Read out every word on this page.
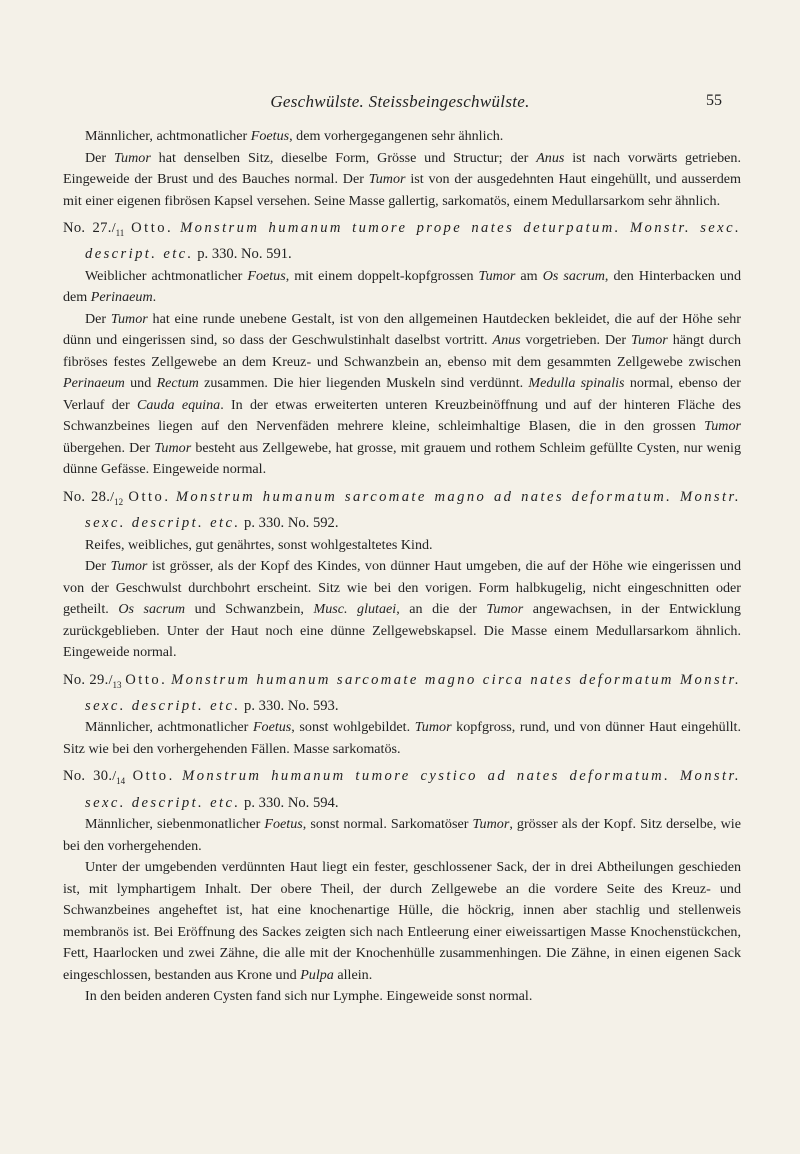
Geschwülste. Steissbeingeschwülste.	55

Männlicher, achtmonatlicher Foetus, dem vorhergegangenen sehr ähnlich.

Der Tumor hat denselben Sitz, dieselbe Form, Grösse und Structur; der Anus ist nach vorwärts getrieben. Eingeweide der Brust und des Bauches normal. Der Tumor ist von der ausgedehnten Haut eingehüllt, und ausserdem mit einer eigenen fibrösen Kapsel versehen. Seine Masse gallertig, sarkomatös, einem Medullarsarkom sehr ähnlich.

No. $27./_{11}$ Otto. Monstrum humanum tumore prope nates deturpatum. Monstr. sexc. descript. etc. p. 330. No. 591.

Weiblicher achtmonatlicher Foetus, mit einem doppelt-kopfgrossen Tumor am Os sacrum, den Hinterbacken und dem Perinaeum.

Der Tumor hat eine runde unebene Gestalt, ist von den allgemeinen Hautdecken bekleidet, die auf der Höhe sehr dünn und eingerissen sind, so dass der Geschwulstinhalt daselbst vortritt. Anus vorgetrieben. Der Tumor hängt durch fibröses festes Zellgewebe an dem Kreuz- und Schwanzbein an, ebenso mit dem gesammten Zellgewebe zwischen Perinaeum und Rectum zusammen. Die hier liegenden Muskeln sind verdünnt. Medulla spinalis normal, ebenso der Verlauf der Cauda equina. In der etwas erweiterten unteren Kreuzbeinöffnung und auf der hinteren Fläche des Schwanzbeines liegen auf den Nervenfäden mehrere kleine, schleimhaltige Blasen, die in den grossen Tumor übergehen. Der Tumor besteht aus Zellgewebe, hat grosse, mit grauem und rothem Schleim gefüllte Cysten, nur wenig dünne Gefässe. Eingeweide normal.

No. $28./_{12}$ Otto. Monstrum humanum sarcomate magno ad nates deformatum. Monstr. sexc. descript. etc. p. 330. No. 592.

Reifes, weibliches, gut genährtes, sonst wohlgestaltetes Kind.

Der Tumor ist grösser, als der Kopf des Kindes, von dünner Haut umgeben, die auf der Höhe wie eingerissen und von der Geschwulst durchbohrt erscheint. Sitz wie bei den vorigen. Form halbkugelig, nicht eingeschnitten oder getheilt. Os sacrum und Schwanzbein, Musc. glutaei, an die der Tumor angewachsen, in der Entwicklung zurückgeblieben. Unter der Haut noch eine dünne Zellgewebskapsel. Die Masse einem Medullarsarkom ähnlich. Eingeweide normal.

No. $29./_{13}$ Otto. Monstrum humanum sarcomate magno circa nates deformatum Monstr. sexc. descript. etc. p. 330. No. 593.

Männlicher, achtmonatlicher Foetus, sonst wohlgebildet. Tumor kopfgross, rund, und von dünner Haut eingehüllt. Sitz wie bei den vorhergehenden Fällen. Masse sarkomatös.

No. $30./_{14}$ Otto. Monstrum humanum tumore cystico ad nates deformatum. Monstr. sexc. descript. etc. p. 330. No. 594.

Männlicher, siebenmonatlicher Foetus, sonst normal. Sarkomatöser Tumor, grösser als der Kopf. Sitz derselbe, wie bei den vorhergehenden.

Unter der umgebenden verdünnten Haut liegt ein fester, geschlossener Sack, der in drei Abtheilungen geschieden ist, mit lymphartigem Inhalt. Der obere Theil, der durch Zellgewebe an die vordere Seite des Kreuz- und Schwanzbeines angeheftet ist, hat eine knochenartige Hülle, die höckrig, innen aber stachlig und stellenweis membranös ist. Bei Eröffnung des Sackes zeigten sich nach Entleerung einer eiweissartigen Masse Knochenstückchen, Fett, Haarlocken und zwei Zähne, die alle mit der Knochenhülle zusammenhingen. Die Zähne, in einen eigenen Sack eingeschlossen, bestanden aus Krone und Pulpa allein.

In den beiden anderen Cysten fand sich nur Lymphe. Eingeweide sonst normal.
